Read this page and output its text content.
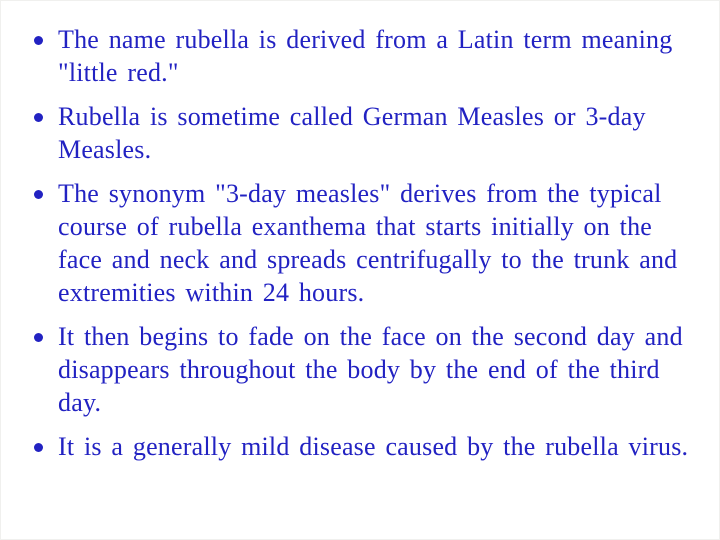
The name rubella is derived from a Latin term meaning "little red."
Rubella is sometime called German Measles or 3-day Measles.
The synonym "3-day measles" derives from the typical course of rubella exanthema that starts initially on the face and neck and spreads centrifugally to the trunk and extremities within 24 hours.
It then begins to fade on the face on the second day and disappears throughout the body by the end of the third day.
It is a generally mild disease caused by the rubella virus.
